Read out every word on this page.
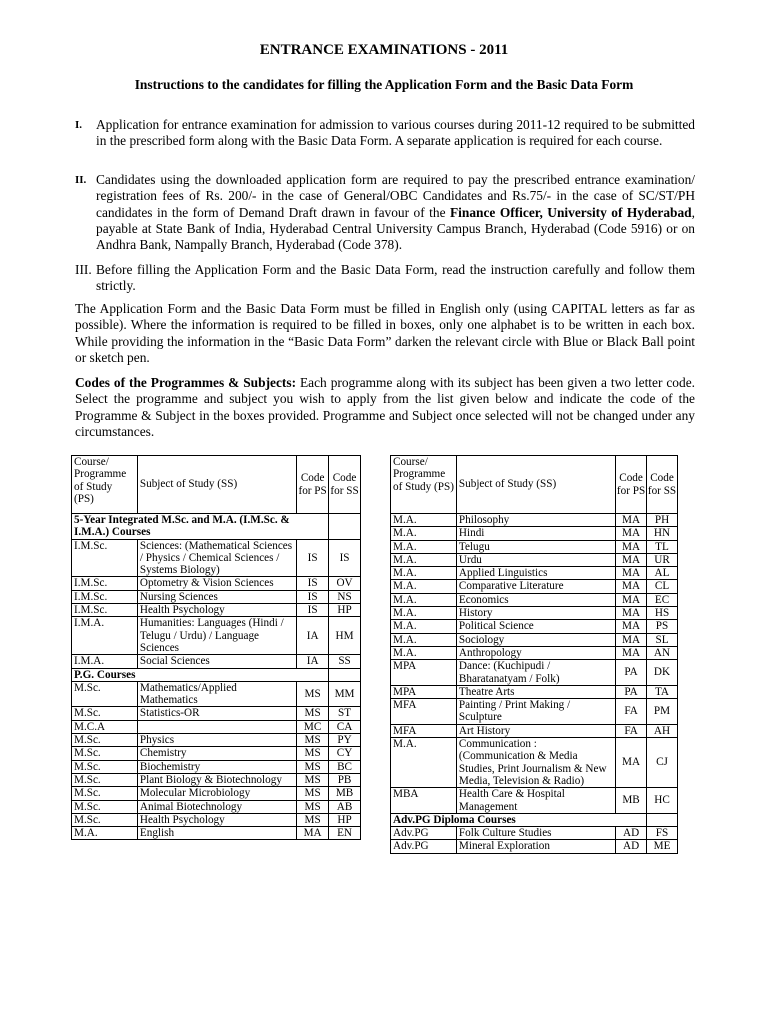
ENTRANCE EXAMINATIONS - 2011
Instructions to the candidates for filling the Application Form and the Basic Data Form

I. Application for entrance examination for admission to various courses during 2011-12 required to be submitted in the prescribed form along with the Basic Data Form. A separate application is required for each course.

II. Candidates using the downloaded application form are required to pay the prescribed entrance examination/ registration fees of Rs. 200/- in the case of General/OBC Candidates and Rs.75/- in the case of SC/ST/PH candidates in the form of Demand Draft drawn in favour of the Finance Officer, University of Hyderabad, payable at State Bank of India, Hyderabad Central University Campus Branch, Hyderabad (Code 5916) or on Andhra Bank, Nampally Branch, Hyderabad (Code 378).

III. Before filling the Application Form and the Basic Data Form, read the instruction carefully and follow them strictly.

The Application Form and the Basic Data Form must be filled in English only (using CAPITAL letters as far as possible). Where the information is required to be filled in boxes, only one alphabet is to be written in each box. While providing the information in the “Basic Data Form” darken the relevant circle with Blue or Black Ball point or sketch pen.
Codes of the Programmes & Subjects: Each programme along with its subject has been given a two letter code. Select the programme and subject you wish to apply from the list given below and indicate the code of the Programme & Subject in the boxes provided. Programme and Subject once selected will not be changed under any circumstances.
Course/ Programme of Study (PS)	Subject of Study (SS)	Code for PS	Code for SS
5-Year Integrated M.Sc. and M.A. (I.M.Sc. & I.M.A.) Courses			
I.M.Sc.	Sciences: (Mathematical Sciences / Physics / Chemical Sciences / Systems Biology)	IS	IS
I.M.Sc.	Optometry & Vision Sciences	IS	OV
I.M.Sc.	Nursing Sciences	IS	NS
I.M.Sc.	Health Psychology	IS	HP
I.M.A.	Humanities: Languages (Hindi / Telugu / Urdu) / Language Sciences	IA	HM
I.M.A.	Social Sciences	IA	SS
P.G. Courses			
M.Sc.	Mathematics/Applied Mathematics	MS	MM
M.Sc.	Statistics-OR	MS	ST
M.C.A		MC	CA
M.Sc.	Physics	MS	PY
M.Sc.	Chemistry	MS	CY
M.Sc.	Biochemistry	MS	BC
M.Sc.	Plant Biology & Biotechnology	MS	PB
M.Sc.	Molecular Microbiology	MS	MB
M.Sc.	Animal Biotechnology	MS	AB
M.Sc.	Health Psychology	MS	HP
M.A.	English	MA	EN
Course/ Programme of Study (PS)	Subject of Study (SS)	Code for PS	Code for SS
M.A.	Philosophy	MA	PH
M.A.	Hindi	MA	HN
M.A.	Telugu	MA	TL
M.A.	Urdu	MA	UR
M.A.	Applied Linguistics	MA	AL
M.A.	Comparative Literature	MA	CL
M.A.	Economics	MA	EC
M.A.	History	MA	HS
M.A.	Political Science	MA	PS
M.A.	Sociology	MA	SL
M.A.	Anthropology	MA	AN
MPA	Dance: (Kuchipudi / Bharatanatyam / Folk)	PA	DK
MPA	Theatre Arts	PA	TA
MFA	Painting / Print Making / Sculpture	FA	PM
MFA	Art History	FA	AH
M.A.	Communication : (Communication & Media Studies, Print Journalism & New Media, Television & Radio)	MA	CJ
MBA	Health Care & Hospital Management	MB	HC
Adv.PG Diploma Courses			
Adv.PG	Folk Culture Studies	AD	FS
Adv.PG	Mineral Exploration	AD	ME
